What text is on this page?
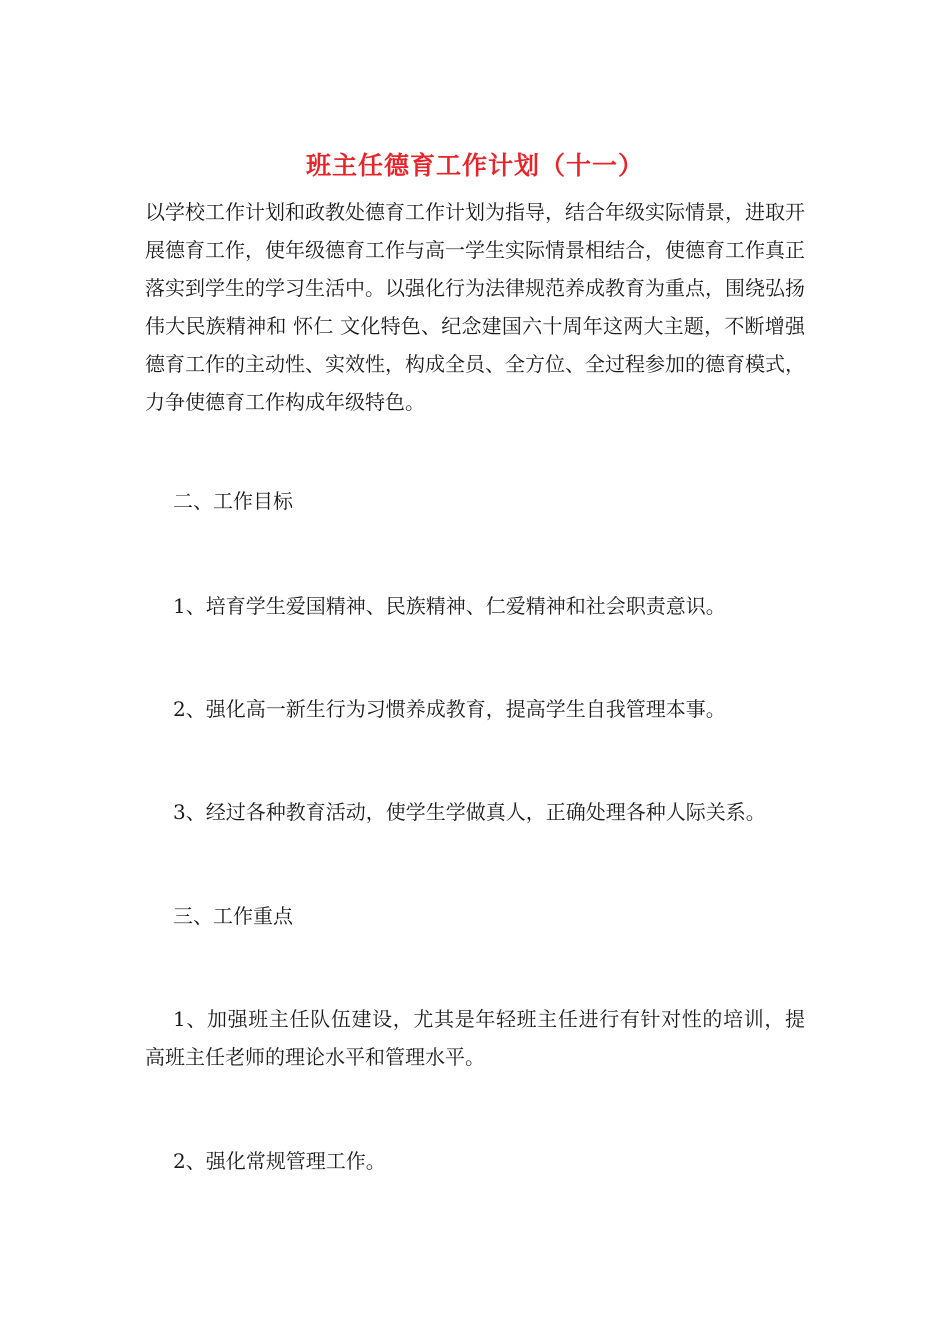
班主任德育工作计划（十一）

以学校工作计划和政教处德育工作计划为指导，结合年级实际情景，进取开展德育工作，使年级德育工作与高一学生实际情景相结合，使德育工作真正落实到学生的学习生活中。以强化行为法律规范养成教育为重点，围绕弘扬伟大民族精神和 怀仁 文化特色、纪念建国六十周年这两大主题，不断增强德育工作的主动性、实效性，构成全员、全方位、全过程参加的德育模式，力争使德育工作构成年级特色。

二、工作目标

1、培育学生爱国精神、民族精神、仁爱精神和社会职责意识。

2、强化高一新生行为习惯养成教育，提高学生自我管理本事。

3、经过各种教育活动，使学生学做真人，正确处理各种人际关系。

三、工作重点

1、加强班主任队伍建设，尤其是年轻班主任进行有针对性的培训，提高班主任老师的理论水平和管理水平。

2、强化常规管理工作。
